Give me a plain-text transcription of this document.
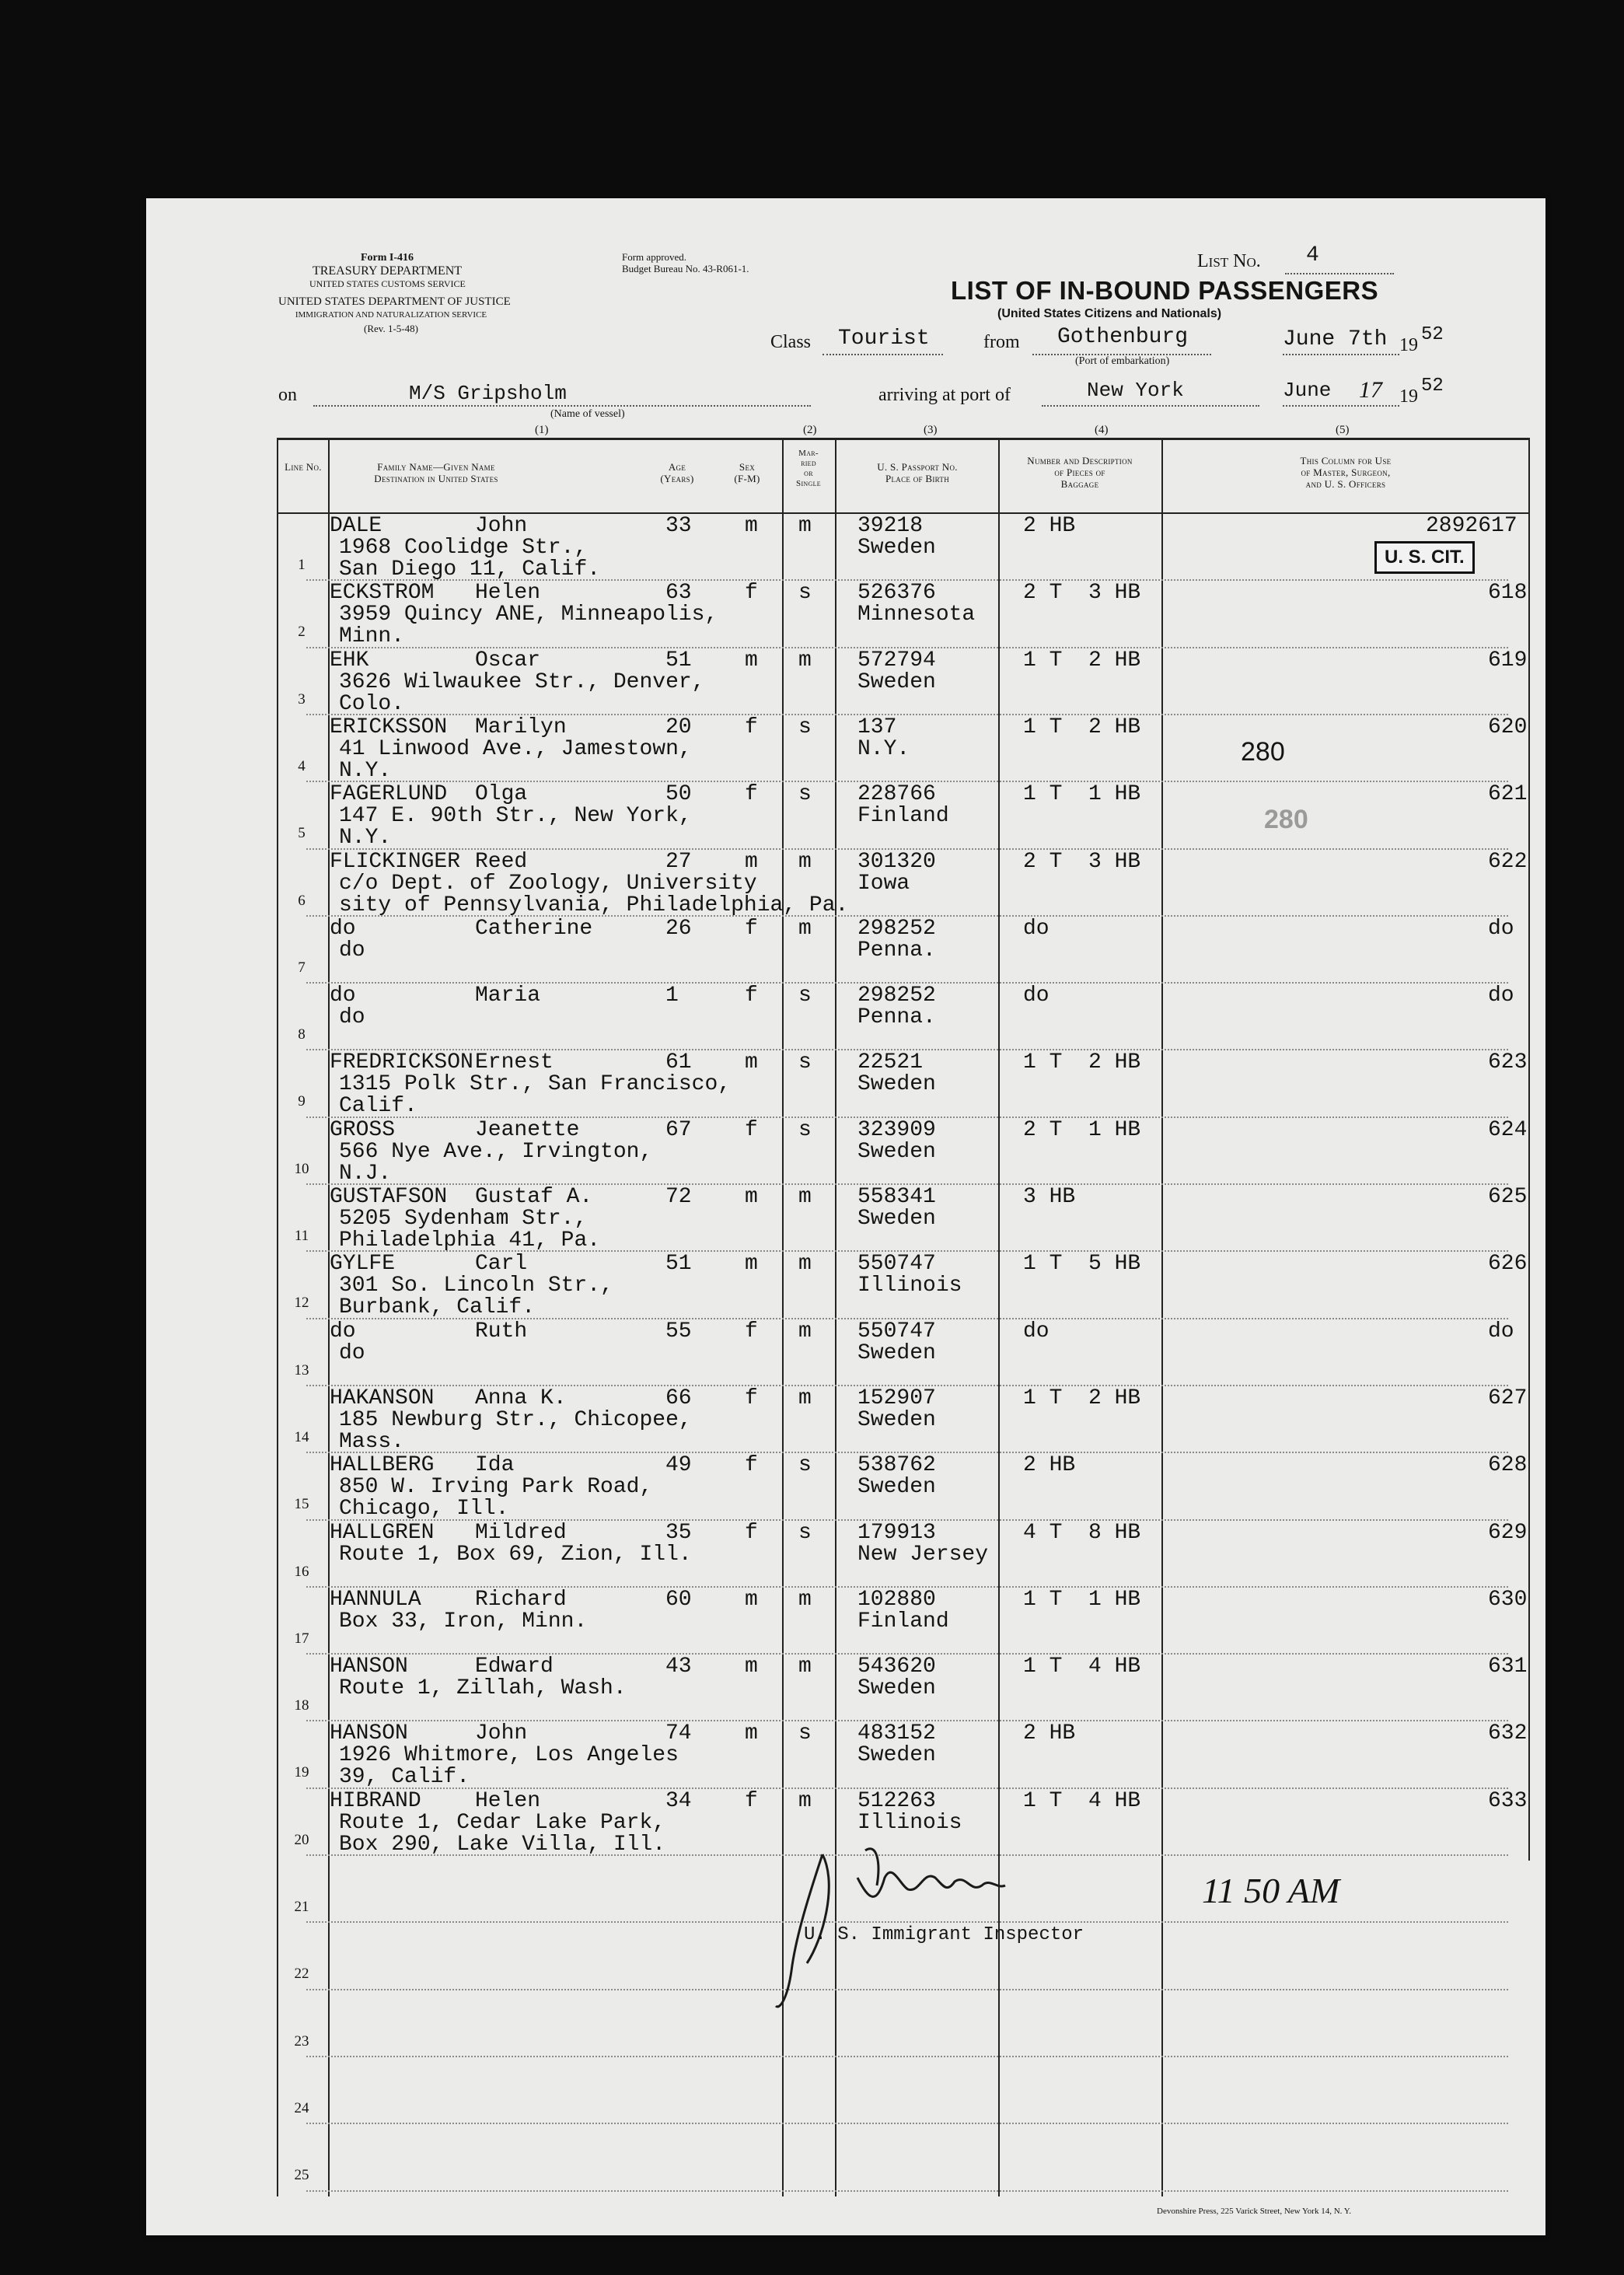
Form I-416
TREASURY DEPARTMENT
UNITED STATES CUSTOMS SERVICE
UNITED STATES DEPARTMENT OF JUSTICE
IMMIGRATION AND NATURALIZATION SERVICE
(Rev. 1-5-48)
Form approved.
Budget Bureau No. 43-R061-1.	List No. 4
LIST OF IN-BOUND PASSENGERS
(United States Citizens and Nationals)
Class Tourist	from Gothenburg
(Port of embarkation)
June 7th 19 52
on	M/S Gripsholm
(Name of vessel)
arriving at port of	New York	June 17 19 52
(1)	(2)	(3)	(4)	(5)
Line No.	Family Name—Given Name
Destination in United States
Age
(Years)
Sex
(F-M)
Mar-
ried
or
Single
U. S. Passport No.
Place of Birth
Number and Description
of Pieces of
Baggage
This Column for Use
of Master, Surgeon,
and U. S. Officers
1
DALE	John
1968 Coolidge Str.,
San Diego 11, Calif.
33 m m 39218
Sweden
2 HB	2892617
2
ECKSTROM Helen
3959 Quincy ANE, Minneapolis,
Minn.
63 f s 526376
Minnesota
2 T  3 HB	618
3
EHK	Oscar
3626 Wilwaukee Str., Denver,
Colo.
51 m m 572794
Sweden
1 T  2 HB	619
4
ERICKSSON Marilyn
41 Linwood Ave., Jamestown,
N.Y.
20 f s 137
N.Y.
1 T  2 HB	620
5
FAGERLUND Olga
147 E. 90th Str., New York,
N.Y.
50 f s 228766
Finland
1 T  1 HB	621
6
FLICKINGER Reed
c/o Dept. of Zoology, University
sity of Pennsylvania, Philadelphia, Pa.
27 m m 301320
Iowa
2 T  3 HB	622
7
do	Catherine
do
26 f m 298252
Penna.
do	do
8
do	Maria
do
1	f s 298252
Penna.
do	do
9
FREDRICKSON Ernest
1315 Polk Str., San Francisco,
Calif.
61 m s 22521
Sweden
1 T  2 HB	623
10
GROSS	Jeanette
566 Nye Ave., Irvington,
N.J.
67 f s 323909
Sweden
2 T  1 HB	624
11
GUSTAFSON Gustaf A.
5205 Sydenham Str.,
Philadelphia 41, Pa.
72 m m 558341
Sweden
3 HB	625
12
GYLFE	Carl
301 So. Lincoln Str.,
Burbank, Calif.
51 m m 550747
Illinois
1 T  5 HB	626
13
do	Ruth
do
55 f m 550747
Sweden
do	do
14
HAKANSON Anna K.
185 Newburg Str., Chicopee,
Mass.
66 f m 152907
Sweden
1 T  2 HB	627
15
HALLBERG Ida
850 W. Irving Park Road,
Chicago, Ill.
49 f s 538762
Sweden
2 HB	628
16
HALLGREN Mildred
Route 1, Box 69, Zion, Ill.
35 f s 179913
New Jersey
4 T  8 HB	629
17
HANNULA Richard
Box 33, Iron, Minn.
60 m m 102880
Finland
1 T  1 HB	630
18
HANSON	Edward
Route 1, Zillah, Wash.
43 m m 543620
Sweden
1 T  4 HB	631
19
HANSON	John
1926 Whitmore, Los Angeles
39, Calif.
74 m s 483152
Sweden
2 HB	632
20
HIBRAND Helen
Route 1, Cedar Lake Park,
Box 290, Lake Villa, Ill.
34 f m 512263
Illinois
1 T  4 HB	633
21
22
23
24
25
U. S. CIT.
280
280
U. S. Immigrant Inspector
11 50 AM
Devonshire Press, 225 Varick Street, New York 14, N. Y.
